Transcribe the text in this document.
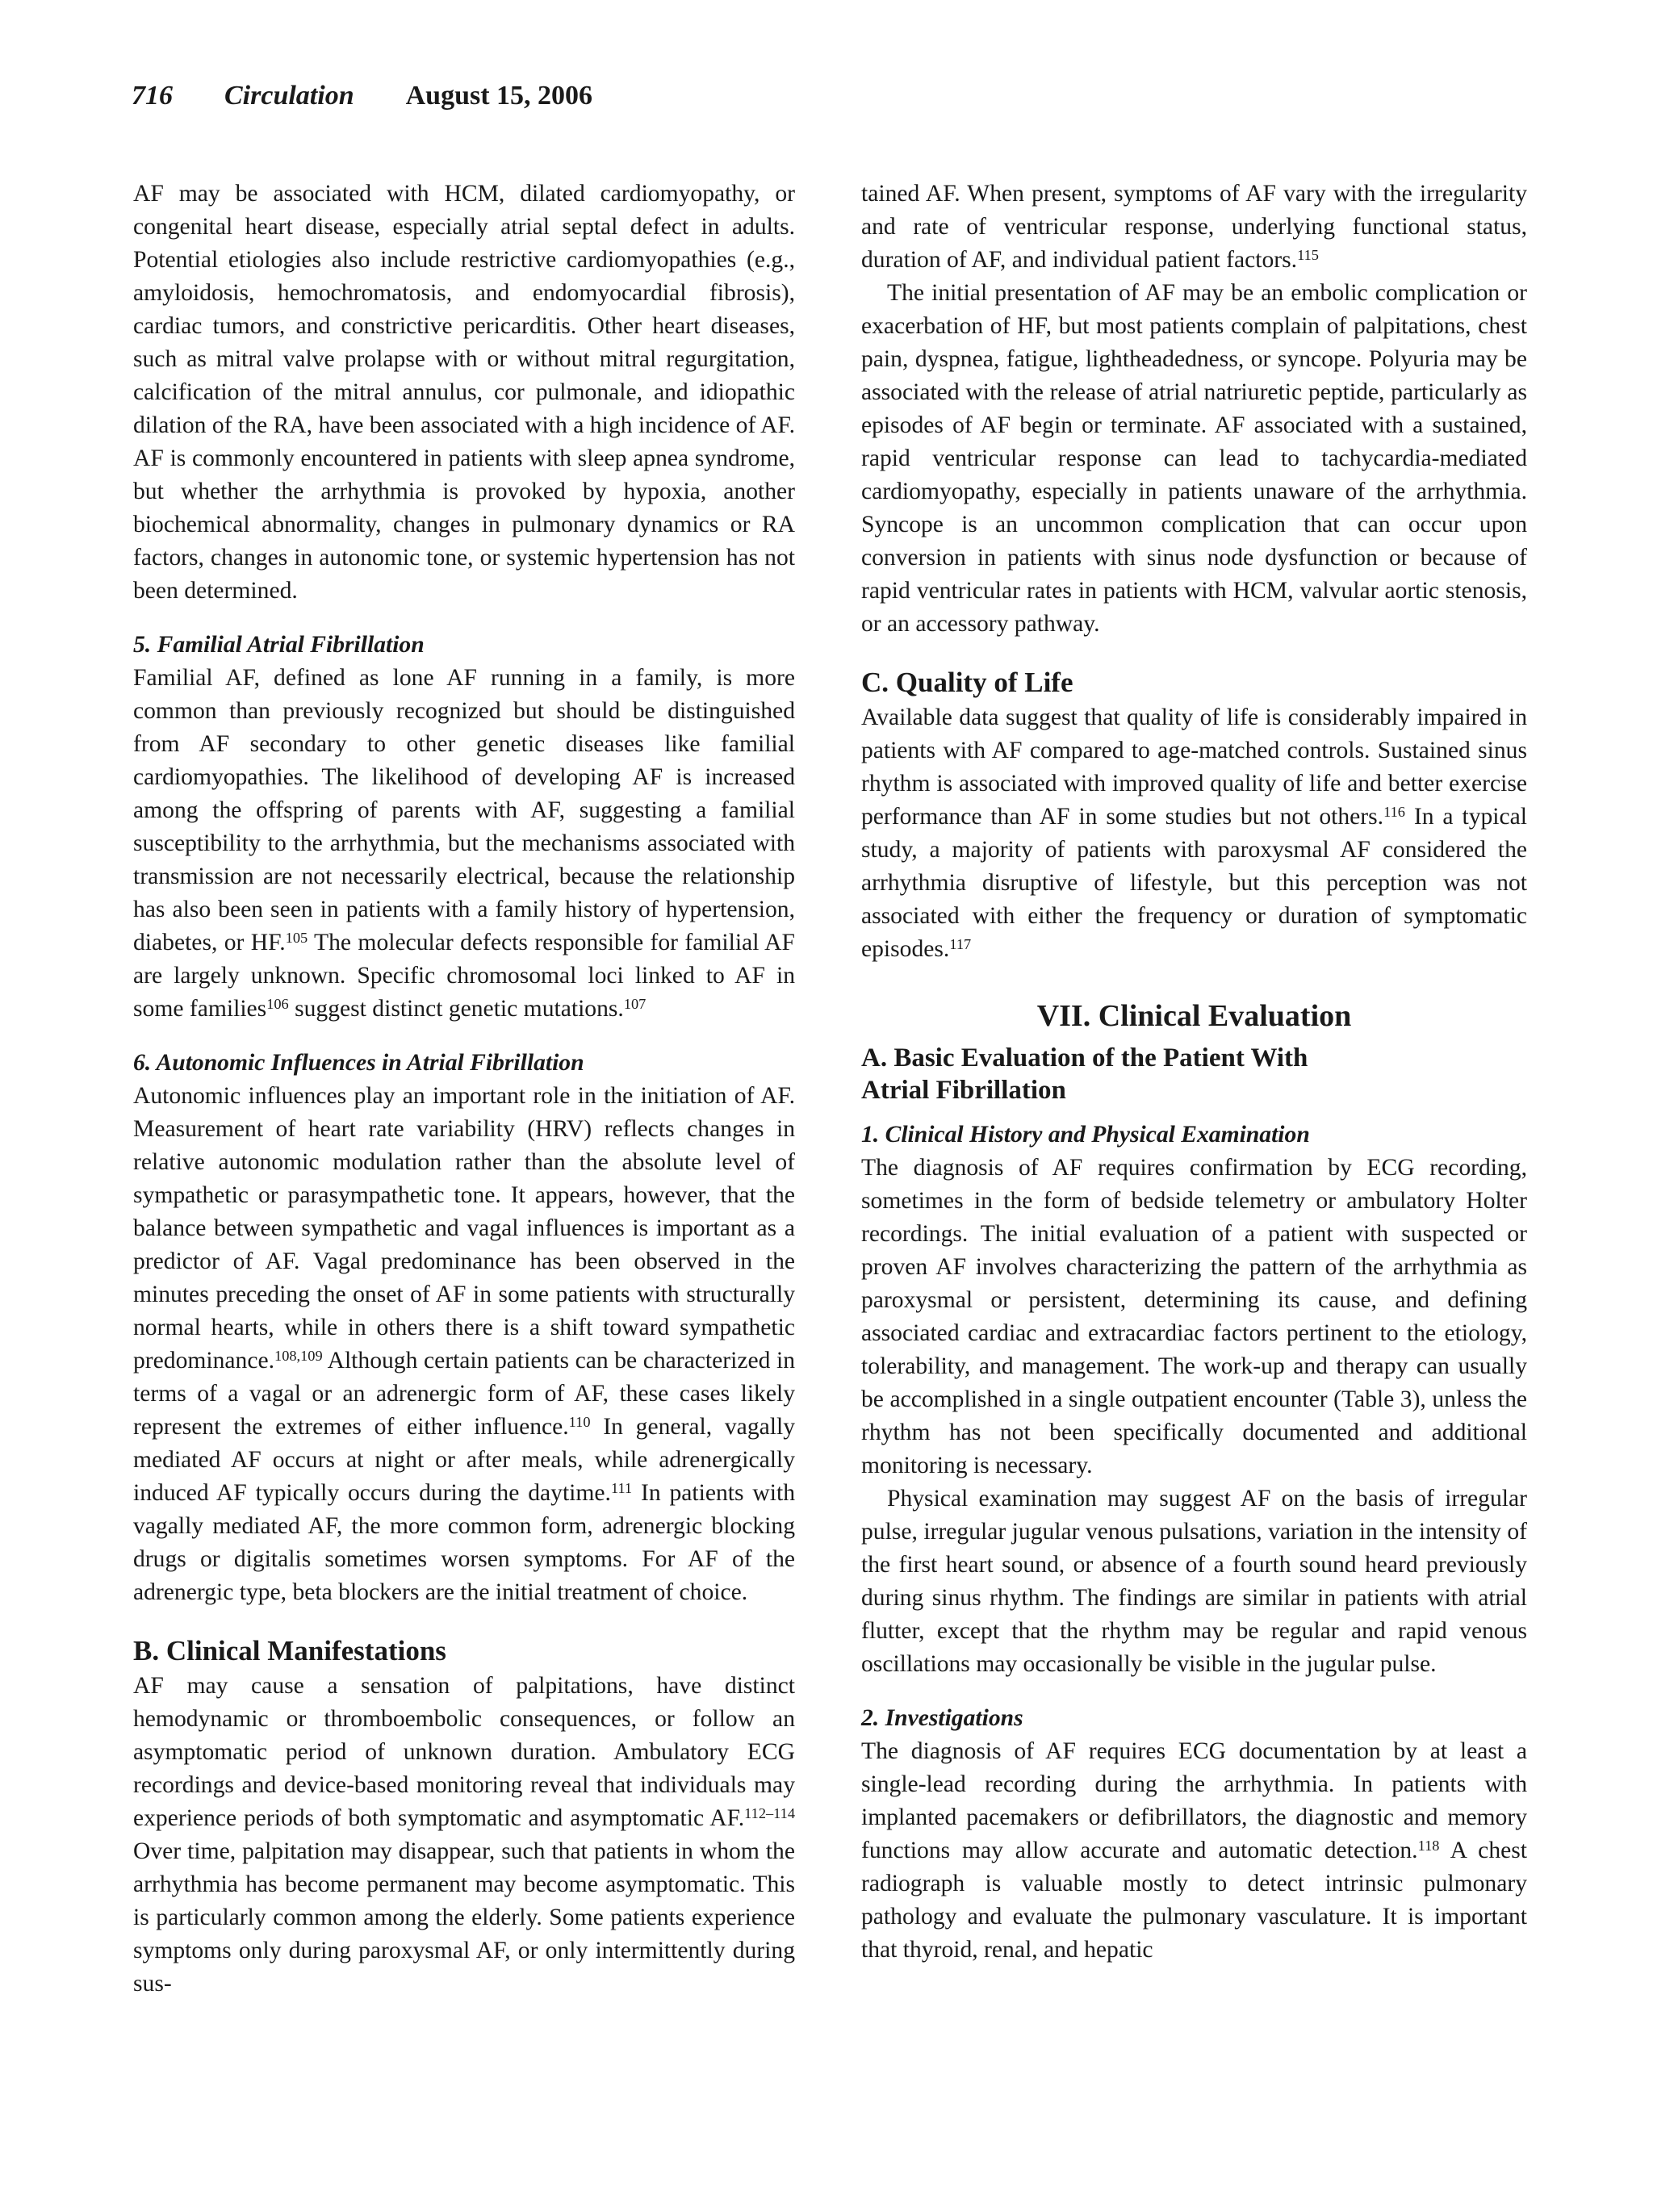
716 Circulation August 15, 2006

AF may be associated with HCM, dilated cardiomyopathy, or congenital heart disease, especially atrial septal defect in adults. Potential etiologies also include restrictive cardiomyopathies (e.g., amyloidosis, hemochromatosis, and endomyocardial fibrosis), cardiac tumors, and constrictive pericarditis. Other heart diseases, such as mitral valve prolapse with or without mitral regurgitation, calcification of the mitral annulus, cor pulmonale, and idiopathic dilation of the RA, have been associated with a high incidence of AF. AF is commonly encountered in patients with sleep apnea syndrome, but whether the arrhythmia is provoked by hypoxia, another biochemical abnormality, changes in pulmonary dynamics or RA factors, changes in autonomic tone, or systemic hypertension has not been determined.

5. Familial Atrial Fibrillation

Familial AF, defined as lone AF running in a family, is more common than previously recognized but should be distinguished from AF secondary to other genetic diseases like familial cardiomyopathies. The likelihood of developing AF is increased among the offspring of parents with AF, suggesting a familial susceptibility to the arrhythmia, but the mechanisms associated with transmission are not necessarily electrical, because the relationship has also been seen in patients with a family history of hypertension, diabetes, or HF.$^{105}$ The molecular defects responsible for familial AF are largely unknown. Specific chromosomal loci linked to AF in some families$^{106}$ suggest distinct genetic mutations.$^{107}$

6. Autonomic Influences in Atrial Fibrillation

Autonomic influences play an important role in the initiation of AF. Measurement of heart rate variability (HRV) reflects changes in relative autonomic modulation rather than the absolute level of sympathetic or parasympathetic tone. It appears, however, that the balance between sympathetic and vagal influences is important as a predictor of AF. Vagal predominance has been observed in the minutes preceding the onset of AF in some patients with structurally normal hearts, while in others there is a shift toward sympathetic predominance.$^{108,109}$ Although certain patients can be characterized in terms of a vagal or an adrenergic form of AF, these cases likely represent the extremes of either influence.$^{110}$ In general, vagally mediated AF occurs at night or after meals, while adrenergically induced AF typically occurs during the daytime.$^{111}$ In patients with vagally mediated AF, the more common form, adrenergic blocking drugs or digitalis sometimes worsen symptoms. For AF of the adrenergic type, beta blockers are the initial treatment of choice.

B. Clinical Manifestations

AF may cause a sensation of palpitations, have distinct hemodynamic or thromboembolic consequences, or follow an asymptomatic period of unknown duration. Ambulatory ECG recordings and device-based monitoring reveal that individuals may experience periods of both symptomatic and asymptomatic AF.$^{112-114}$ Over time, palpitation may disappear, such that patients in whom the arrhythmia has become permanent may become asymptomatic. This is particularly common among the elderly. Some patients experience symptoms only during paroxysmal AF, or only intermittently during sus-

tained AF. When present, symptoms of AF vary with the irregularity and rate of ventricular response, underlying functional status, duration of AF, and individual patient factors.$^{115}$

The initial presentation of AF may be an embolic complication or exacerbation of HF, but most patients complain of palpitations, chest pain, dyspnea, fatigue, lightheadedness, or syncope. Polyuria may be associated with the release of atrial natriuretic peptide, particularly as episodes of AF begin or terminate. AF associated with a sustained, rapid ventricular response can lead to tachycardia-mediated cardiomyopathy, especially in patients unaware of the arrhythmia. Syncope is an uncommon complication that can occur upon conversion in patients with sinus node dysfunction or because of rapid ventricular rates in patients with HCM, valvular aortic stenosis, or an accessory pathway.

C. Quality of Life

Available data suggest that quality of life is considerably impaired in patients with AF compared to age-matched controls. Sustained sinus rhythm is associated with improved quality of life and better exercise performance than AF in some studies but not others.$^{116}$ In a typical study, a majority of patients with paroxysmal AF considered the arrhythmia disruptive of lifestyle, but this perception was not associated with either the frequency or duration of symptomatic episodes.$^{117}$

VII. Clinical Evaluation
A. Basic Evaluation of the Patient With
Atrial Fibrillation
1. Clinical History and Physical Examination

The diagnosis of AF requires confirmation by ECG recording, sometimes in the form of bedside telemetry or ambulatory Holter recordings. The initial evaluation of a patient with suspected or proven AF involves characterizing the pattern of the arrhythmia as paroxysmal or persistent, determining its cause, and defining associated cardiac and extracardiac factors pertinent to the etiology, tolerability, and management. The work-up and therapy can usually be accomplished in a single outpatient encounter (Table 3), unless the rhythm has not been specifically documented and additional monitoring is necessary.

Physical examination may suggest AF on the basis of irregular pulse, irregular jugular venous pulsations, variation in the intensity of the first heart sound, or absence of a fourth sound heard previously during sinus rhythm. The findings are similar in patients with atrial flutter, except that the rhythm may be regular and rapid venous oscillations may occasionally be visible in the jugular pulse.

2. Investigations

The diagnosis of AF requires ECG documentation by at least a single-lead recording during the arrhythmia. In patients with implanted pacemakers or defibrillators, the diagnostic and memory functions may allow accurate and automatic detection.$^{118}$ A chest radiograph is valuable mostly to detect intrinsic pulmonary pathology and evaluate the pulmonary vasculature. It is important that thyroid, renal, and hepatic
